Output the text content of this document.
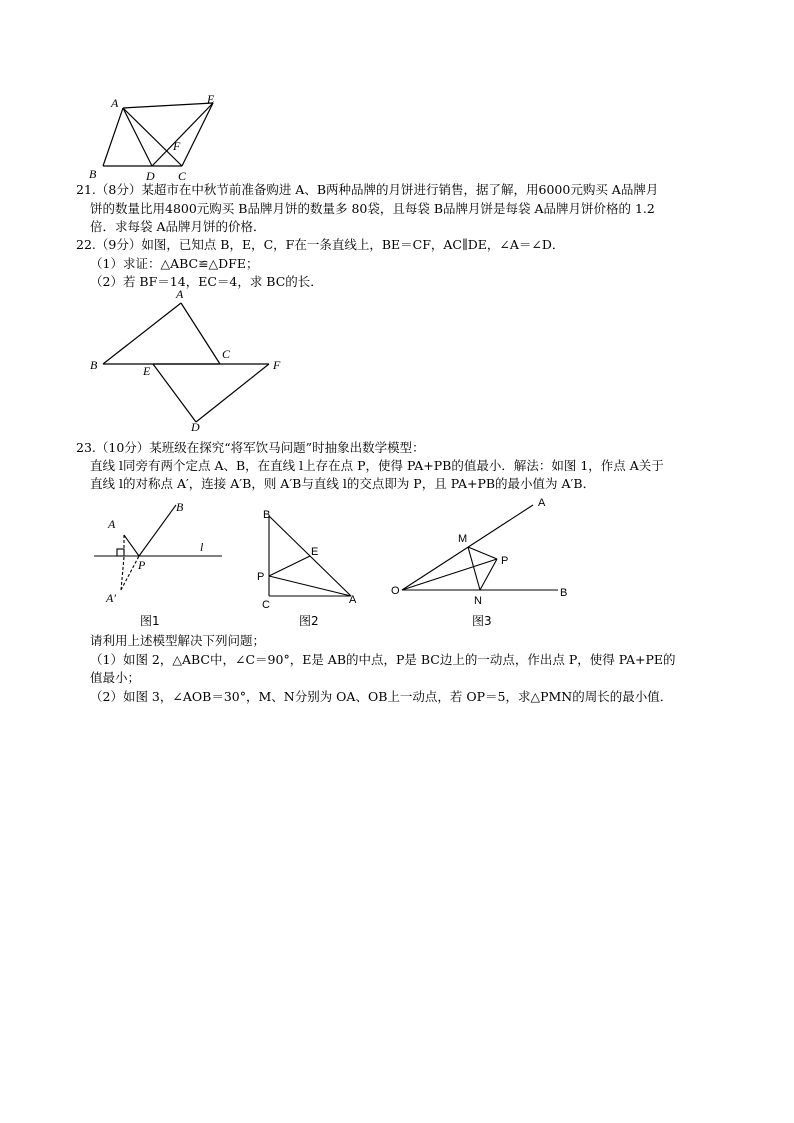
A	E
F
B	D C
21.（8分）某超市在中秋节前准备购进 A、B两种品牌的月饼进行销售，据了解，用6000元购买 A品牌月
饼的数量比用4800元购买 B品牌月饼的数量多 80袋，且每袋 B品牌月饼是每袋 A品牌月饼价格的 1.2
倍．求每袋 A品牌月饼的价格．
22.（9分）如图，已知点 B，E，C，F在一条直线上，BE＝CF，AC∥DE，∠A＝∠D．
（1）求证：△ABC≌△DFE；
（2）若 BF＝14，EC＝4，求 BC的长．
A
B	E
C
F
D
23.（10分）某班级在探究“将军饮马问题”时抽象出数学模型：
直线 l同旁有两个定点 A、B，在直线 l上存在点 P，使得 PA+PB的值最小．解法：如图 1，作点 A关于
直线 l的对称点 A′，连接 A′B，则 A′B与直线 l的交点即为 P，且 PA+PB的最小值为 A′B．
A
B
P
l
A′
图1
B
E
P
C	A
图2
A
M
P
O
N
B
图3
请利用上述模型解决下列问题；
（1）如图 2，△ABC中，∠C＝90°，E是 AB的中点，P是 BC边上的一动点，作出点 P，使得 PA+PE的
值最小；
（2）如图 3，∠AOB＝30°，M、N分别为 OA、OB上一动点，若 OP＝5，求△PMN的周长的最小值．
